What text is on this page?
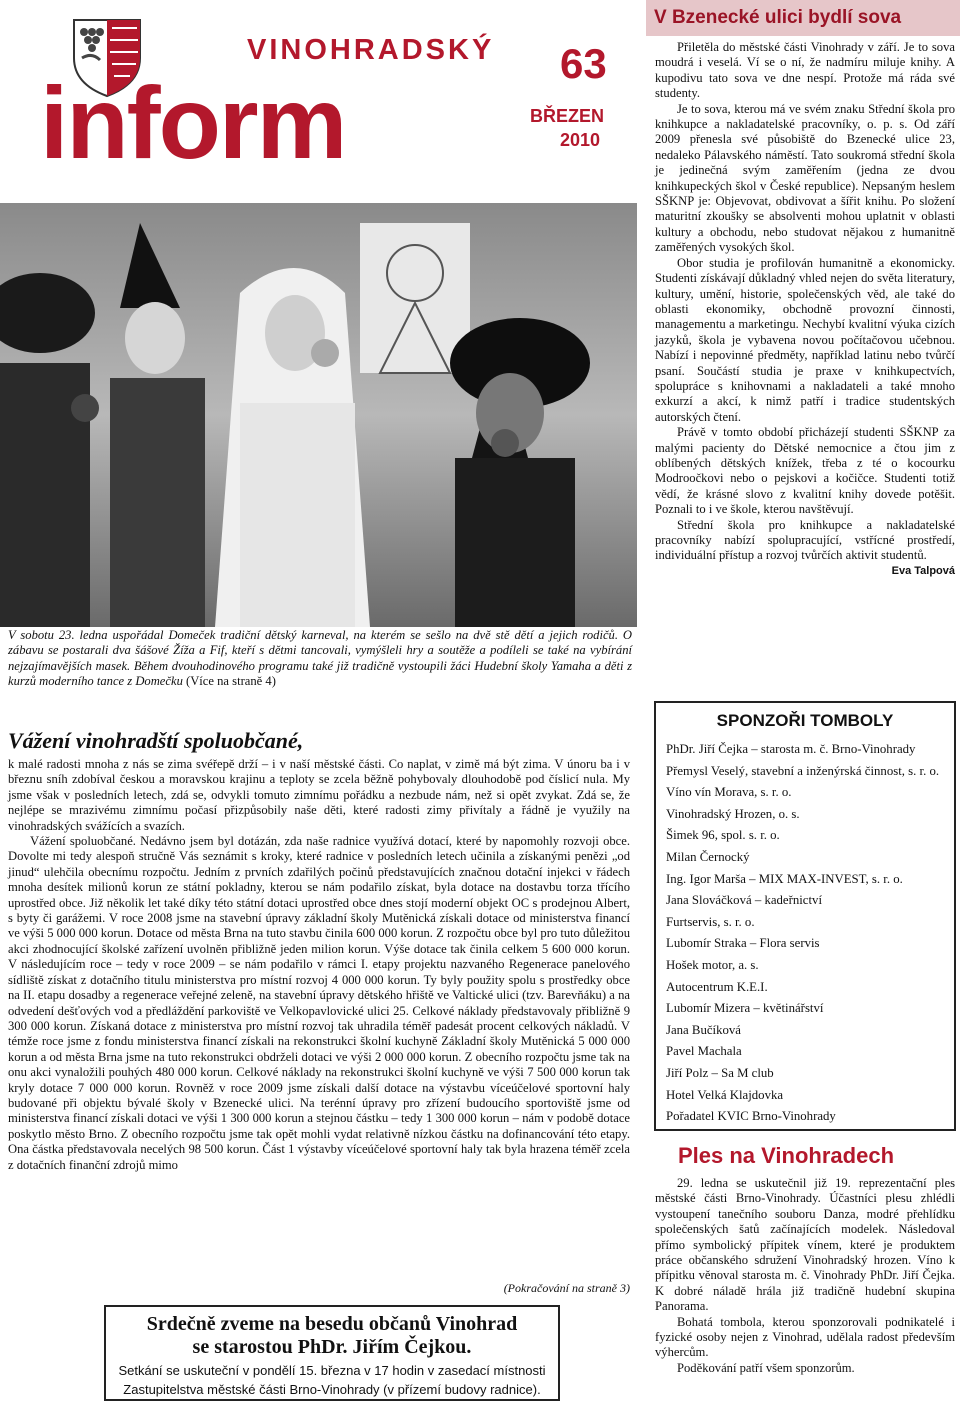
VINOHRADSKÝ
inform
63
BŘEZEN
2010

V sobotu 23. ledna uspořádal Domeček tradiční dětský karneval, na kterém se sešlo na dvě stě dětí a jejich rodičů. O zábavu se postarali dva šášové Žíža a Fif, kteří s dětmi tancovali, vymýšleli hry a soutěže a podíleli se také na vybírání nejzajímavějších masek. Během dvouhodinového programu také již tradičně vystoupili žáci Hudební školy Yamaha a děti z kurzů moderního tance z Domečku (Více na straně 4)

Vážení vinohradští spoluobčané,

k malé radosti mnoha z nás se zima svéřepě drží – i v naší městské části. Co naplat, v zimě má být zima. V únoru ba i v březnu sníh zdobíval českou a moravskou krajinu a teploty se zcela běžně pohybovaly dlouhodobě pod číslicí nula. My jsme však v posledních letech, zdá se, odvykli tomuto zimnímu pořádku a nezbude nám, než si opět zvykat. Zdá se, že nejlépe se mrazivému zimnímu počasí přizpůsobily naše děti, které radosti zimy přivítaly a řádně je využily na vinohradských svážících a svazích.

Vážení spoluobčané. Nedávno jsem byl dotázán, zda naše radnice využívá dotací, které by napomohly rozvoji obce. Dovolte mi tedy alespoň stručně Vás seznámit s kroky, které radnice v posledních letech učinila a získanými penězi „od jinud“ ulehčila obecnímu rozpočtu. Jedním z prvních zdařilých počinů představujících značnou dotační injekci v řádech mnoha desítek milionů korun ze státní pokladny, kterou se nám podařilo získat, byla dotace na dostavbu torza třícího uprostřed obce. Již několik let také díky této státní dotaci uprostřed obce dnes stojí moderní objekt OC s prodejnou Albert, s byty či garážemi. V roce 2008 jsme na stavební úpravy základní školy Mutěnická získali dotace od ministerstva financí ve výši 5 000 000 korun. Dotace od města Brna na tuto stavbu činila 600 000 korun. Z rozpočtu obce byl pro tuto důležitou akci zhodnocující školské zařízení uvolněn přibližně jeden milion korun. Výše dotace tak činila celkem 5 600 000 korun. V následujícím roce – tedy v roce 2009 – se nám podařilo v rámci I. etapy projektu nazvaného Regenerace panelového sídliště získat z dotačního titulu ministerstva pro místní rozvoj 4 000 000 korun. Ty byly použity spolu s prostředky obce na II. etapu dosadby a regenerace veřejné zeleně, na stavební úpravy dětského hřiště ve Valtické ulici (tzv. Barevňáku) a na odvedení dešťových vod a předláždění parkoviště ve Velkopavlovické ulici 25. Celkové náklady představovaly přibližně 9 300 000 korun. Získaná dotace z ministerstva pro místní rozvoj tak uhradila téměř padesát procent celkových nákladů. V témže roce jsme z fondu ministerstva financí získali na rekonstrukci školní kuchyně Základní školy Mutěnická 5 000 000 korun a od města Brna jsme na tuto rekonstrukci obdrželi dotaci ve výši 2 000 000 korun. Z obecního rozpočtu jsme tak na onu akci vynaložili pouhých 480 000 korun. Celkové náklady na rekonstrukci školní kuchyně ve výši 7 500 000 korun tak kryly dotace 7 000 000 korun. Rovněž v roce 2009 jsme získali další dotace na výstavbu víceúčelové sportovní haly budované při objektu bývalé školy v Bzenecké ulici. Na terénní úpravy pro zřízení budoucího sportoviště jsme od ministerstva financí získali dotaci ve výši 1 300 000 korun a stejnou částku – tedy 1 300 000 korun – nám v podobě dotace poskytlo město Brno. Z obecního rozpočtu jsme tak opět mohli vydat relativně nízkou částku na dofinancování této etapy. Ona částka představovala necelých 98 500 korun. Část 1 výstavby víceúčelové sportovní haly tak byla hrazena téměř zcela z dotačních finanční zdrojů mimo

(Pokračování na straně 3)
Srdečně zveme na besedu občanů Vinohrad
se starostou PhDr. Jiřím Čejkou.
Setkání se uskuteční v pondělí 15. března v 17 hodin v zasedací místnosti
Zastupitelstva městské části Brno-Vinohrady (v přízemí budovy radnice).
V Bzenecké ulici bydlí sova

Přiletěla do městské části Vinohrady v září. Je to sova moudrá i veselá. Ví se o ní, že nadmíru miluje knihy. A kupodivu tato sova ve dne nespí. Protože má ráda své studenty.

Je to sova, kterou má ve svém znaku Střední škola pro knihkupce a nakladatelské pracovníky, o. p. s. Od září 2009 přenesla své působiště do Bzenecké ulice 23, nedaleko Pálavského náměstí. Tato soukromá střední škola je jedinečná svým zaměřením (jedna ze dvou knihkupeckých škol v České republice). Nepsaným heslem SŠKNP je: Objevovat, obdivovat a šířit knihu. Po složení maturitní zkoušky se absolventi mohou uplatnit v oblasti kultury a obchodu, nebo studovat nějakou z humanitně zaměřených vysokých škol.

Obor studia je profilován humanitně a ekonomicky. Studenti získávají důkladný vhled nejen do světa literatury, kultury, umění, historie, společenských věd, ale také do oblasti ekonomiky, obchodně provozní činnosti, managementu a marketingu. Nechybí kvalitní výuka cizích jazyků, škola je vybavena novou počítačovou učebnou. Nabízí i nepovinné předměty, například latinu nebo tvůrčí psaní. Součástí studia je praxe v knihkupectvích, spolupráce s knihovnami a nakladateli a také mnoho exkurzí a akcí, k nimž patří i tradice studentských autorských čtení.

Právě v tomto období přicházejí studenti SŠKNP za malými pacienty do Dětské nemocnice a čtou jim z oblíbených dětských knížek, třeba z té o kocourku Modroočkovi nebo o pejskovi a kočičce. Studenti totiž vědí, že krásné slovo z kvalitní knihy dovede potěšit. Poznali to i ve škole, kterou navštěvují.

Střední škola pro knihkupce a nakladatelské pracovníky nabízí spolupracující, vstřícné prostředí, individuální přístup a rozvoj tvůrčích aktivit studentů.
Eva Talpová

SPONZOŘI TOMBOLY
PhDr. Jiří Čejka – starosta m. č. Brno-Vinohrady
Přemysl Veselý, stavební a inženýrská činnost, s. r. o.
Víno vín Morava, s. r. o.
Vinohradský Hrozen, o. s.
Šimek 96, spol. s. r. o.
Milan Černocký
Ing. Igor Marša – MIX MAX-INVEST, s. r. o.
Jana Slováčková – kadeřnictví
Furtservis, s. r. o.
Lubomír Straka – Flora servis
Hošek motor, a. s.
Autocentrum K.E.I.
Lubomír Mizera – květinářství
Jana Bučíková
Pavel Machala
Jiří Polz – Sa M club
Hotel Velká Klajdovka
Pořadatel KVIC Brno-Vinohrady
Ples na Vinohradech

29. ledna se uskutečnil již 19. reprezentační ples městské části Brno-Vinohrady. Účastníci plesu zhlédli vystoupení tanečního souboru Danza, modré přehlídku společenských šatů začínajících modelek. Následoval přímo symbolický přípitek vínem, které je produktem práce občanského sdružení Vinohradský hrozen. Víno k přípitku věnoval starosta m. č. Vinohrady PhDr. Jiří Čejka. K dobré náladě hrála již tradičně hudební skupina Panorama.

Bohatá tombola, kterou sponzorovali podnikatelé i fyzické osoby nejen z Vinohrad, udělala radost především výhercům.

Poděkování patří všem sponzorům.
